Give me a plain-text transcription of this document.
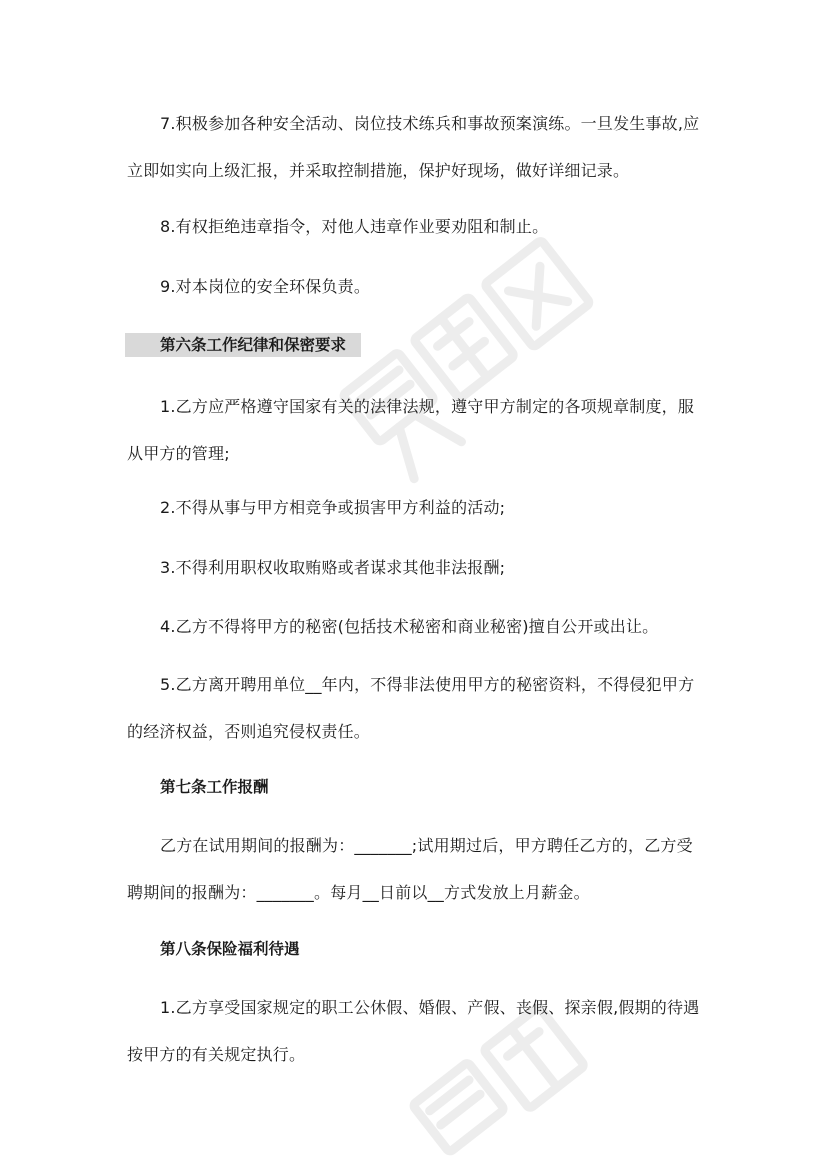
7.积极参加各种安全活动、岗位技术练兵和事故预案演练。一旦发生事故,应立即如实向上级汇报，并采取控制措施，保护好现场，做好详细记录。

8.有权拒绝违章指令，对他人违章作业要劝阻和制止。

9.对本岗位的安全环保负责。

第六条工作纪律和保密要求

1.乙方应严格遵守国家有关的法律法规，遵守甲方制定的各项规章制度，服从甲方的管理;

2.不得从事与甲方相竞争或损害甲方利益的活动;

3.不得利用职权收取贿赂或者谋求其他非法报酬;

4.乙方不得将甲方的秘密(包括技术秘密和商业秘密)擅自公开或出让。

5.乙方离开聘用单位__年内，不得非法使用甲方的秘密资料，不得侵犯甲方的经济权益，否则追究侵权责任。

第七条工作报酬

乙方在试用期间的报酬为：_______;试用期过后，甲方聘任乙方的，乙方受聘期间的报酬为：_______。每月__日前以__方式发放上月薪金。

第八条保险福利待遇

1.乙方享受国家规定的职工公休假、婚假、产假、丧假、探亲假,假期的待遇按甲方的有关规定执行。
